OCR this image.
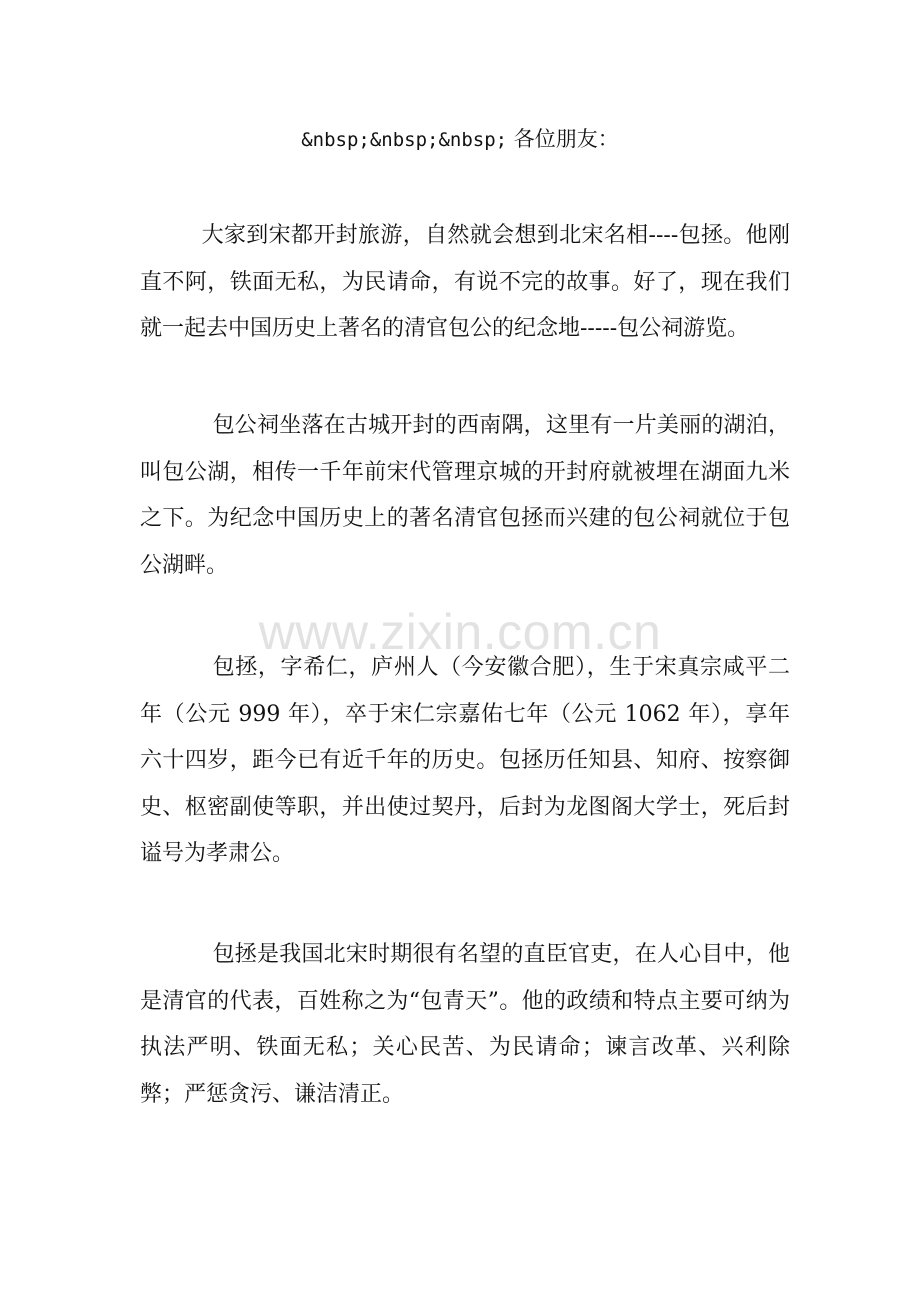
&nbsp;&nbsp;&nbsp; 各位朋友：

大家到宋都开封旅游，自然就会想到北宋名相----包拯。他刚直不阿，铁面无私，为民请命，有说不完的故事。好了，现在我们就一起去中国历史上著名的清官包公的纪念地-----包公祠游览。

包公祠坐落在古城开封的西南隅，这里有一片美丽的湖泊，叫包公湖，相传一千年前宋代管理京城的开封府就被埋在湖面九米之下。为纪念中国历史上的著名清官包拯而兴建的包公祠就位于包公湖畔。

www.zixin.com.cn

包拯，字希仁，庐州人（今安徽合肥），生于宋真宗咸平二年（公元 999 年），卒于宋仁宗嘉佑七年（公元 1062 年），享年六十四岁，距今已有近千年的历史。包拯历任知县、知府、按察御史、枢密副使等职，并出使过契丹，后封为龙图阁大学士，死后封谥号为孝肃公。

包拯是我国北宋时期很有名望的直臣官吏，在人心目中，他是清官的代表，百姓称之为“包青天”。他的政绩和特点主要可纳为执法严明、铁面无私；关心民苦、为民请命；谏言改革、兴利除弊；严惩贪污、谦洁清正。
